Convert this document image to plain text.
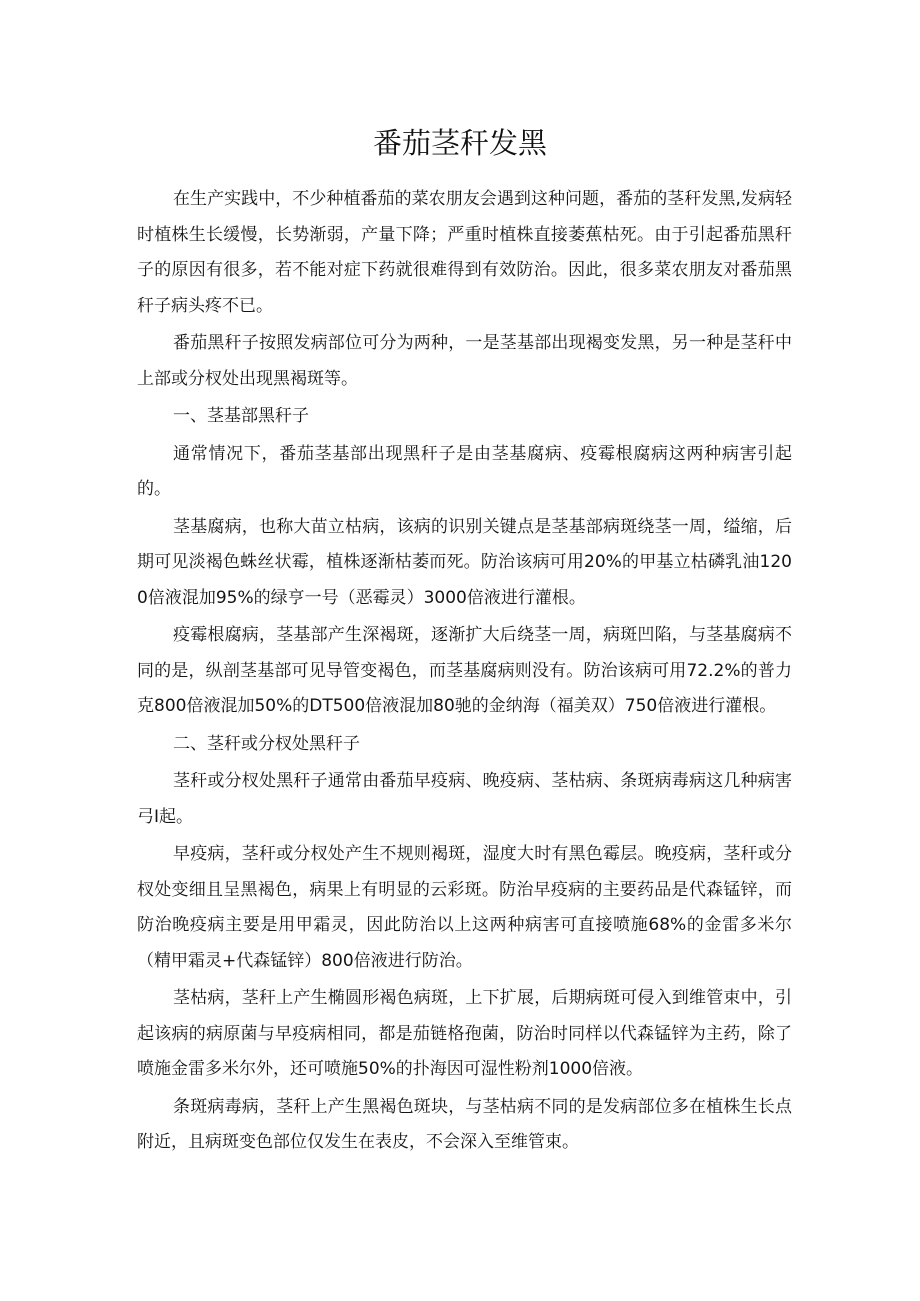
番茄茎秆发黑

在生产实践中，不少种植番茄的菜农朋友会遇到这种问题，番茄的茎秆发黑,发病轻时植株生长缓慢，长势渐弱，产量下降；严重时植株直接萎蕉枯死。由于引起番茄黑秆子的原因有很多，若不能对症下药就很难得到有效防治。因此，很多菜农朋友对番茄黑秆子病头疼不已。

番茄黑秆子按照发病部位可分为两种，一是茎基部出现褐变发黑，另一种是茎秆中上部或分杈处出现黑褐斑等。

一、茎基部黑秆子

通常情况下，番茄茎基部出现黑秆子是由茎基腐病、疫霉根腐病这两种病害引起的。

茎基腐病，也称大苗立枯病，该病的识别关键点是茎基部病斑绕茎一周，缢缩，后期可见淡褐色蛛丝状霉，植株逐渐枯萎而死。防治该病可用20%的甲基立枯磷乳油1200倍液混加95%的绿亨一号（恶霉灵）3000倍液进行灌根。

疫霉根腐病，茎基部产生深褐斑，逐渐扩大后绕茎一周，病斑凹陷，与茎基腐病不同的是，纵剖茎基部可见导管变褐色，而茎基腐病则没有。防治该病可用72.2%的普力克800倍液混加50%的DT500倍液混加80驰的金纳海（福美双）750倍液进行灌根。

二、茎秆或分杈处黑秆子

茎秆或分杈处黑秆子通常由番茄早疫病、晚疫病、茎枯病、条斑病毒病这几种病害弓I起。

早疫病，茎秆或分杈处产生不规则褐斑，湿度大时有黑色霉层。晚疫病，茎秆或分杈处变细且呈黑褐色，病果上有明显的云彩斑。防治早疫病的主要药品是代森锰锌，而防治晚疫病主要是用甲霜灵，因此防治以上这两种病害可直接喷施68%的金雷多米尔（精甲霜灵+代森锰锌）800倍液进行防治。

茎枯病，茎秆上产生椭圆形褐色病斑，上下扩展，后期病斑可侵入到维管束中，引起该病的病原菌与早疫病相同，都是茄链格孢菌，防治时同样以代森锰锌为主药，除了喷施金雷多米尔外，还可喷施50%的扑海因可湿性粉剂1000倍液。

条斑病毒病，茎秆上产生黑褐色斑块，与茎枯病不同的是发病部位多在植株生长点附近，且病斑变色部位仅发生在表皮，不会深入至维管束。
